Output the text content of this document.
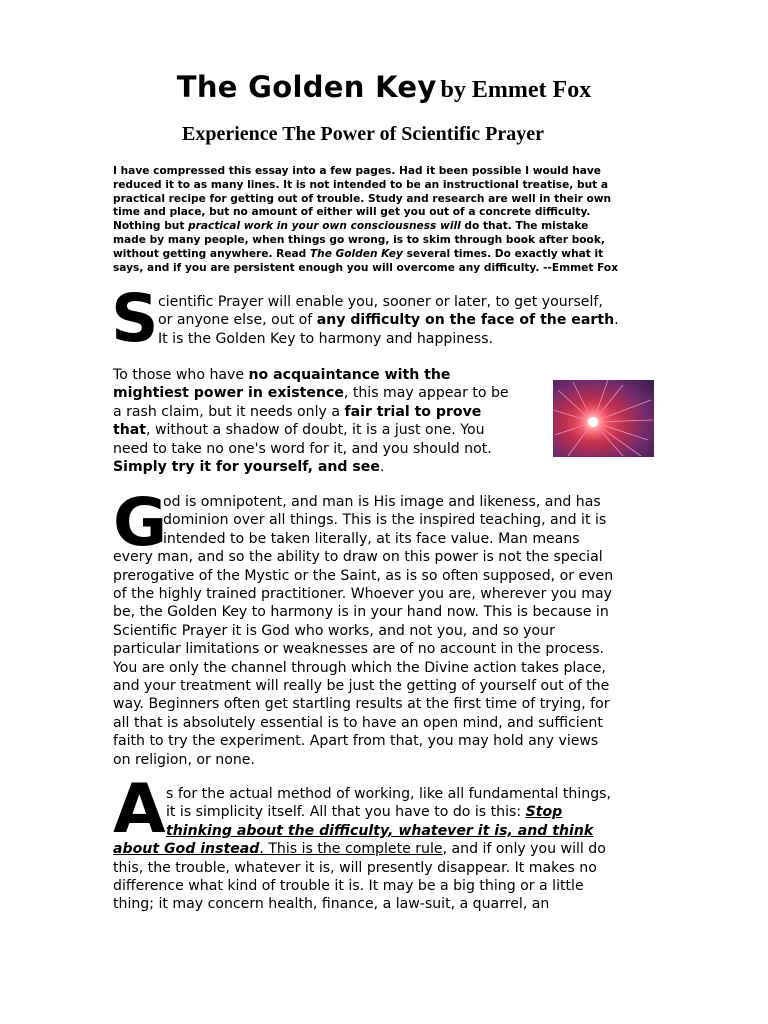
The Golden Key by Emmet Fox
Experience The Power of Scientific Prayer
I have compressed this essay into a few pages. Had it been possible I would have
reduced it to as many lines. It is not intended to be an instructional treatise, but a
practical recipe for getting out of trouble. Study and research are well in their own
time and place, but no amount of either will get you out of a concrete difficulty.
Nothing but practical work in your own consciousness will do that. The mistake
made by many people, when things go wrong, is to skim through book after book,
without getting anywhere. Read The Golden Key several times. Do exactly what it
says, and if you are persistent enough you will overcome any difficulty. --Emmet Fox
S cientific Prayer will enable you, sooner or later, to get yourself,
or anyone else, out of any difficulty on the face of the earth.
It is the Golden Key to harmony and happiness.
To those who have no acquaintance with the
mightiest power in existence, this may appear to be
a rash claim, but it needs only a fair trial to prove
that, without a shadow of doubt, it is a just one. You
need to take no one's word for it, and you should not.
Simply try it for yourself, and see.
G
od is omnipotent, and man is His image and likeness, and has
dominion over all things. This is the inspired teaching, and it is
intended to be taken literally, at its face value. Man means
every man, and so the ability to draw on this power is not the special
prerogative of the Mystic or the Saint, as is so often supposed, or even
of the highly trained practitioner. Whoever you are, wherever you may
be, the Golden Key to harmony is in your hand now. This is because in
Scientific Prayer it is God who works, and not you, and so your
particular limitations or weaknesses are of no account in the process.
You are only the channel through which the Divine action takes place,
and your treatment will really be just the getting of yourself out of the
way. Beginners often get startling results at the first time of trying, for
all that is absolutely essential is to have an open mind, and sufficient
faith to try the experiment. Apart from that, you may hold any views
on religion, or none.
A s for the actual method of working, like all fundamental things,
it is simplicity itself. All that you have to do is this: Stop
thinking about the difficulty, whatever it is, and think
about God instead. This is the complete rule, and if only you will do
this, the trouble, whatever it is, will presently disappear. It makes no
difference what kind of trouble it is. It may be a big thing or a little
thing; it may concern health, finance, a law-suit, a quarrel, an
